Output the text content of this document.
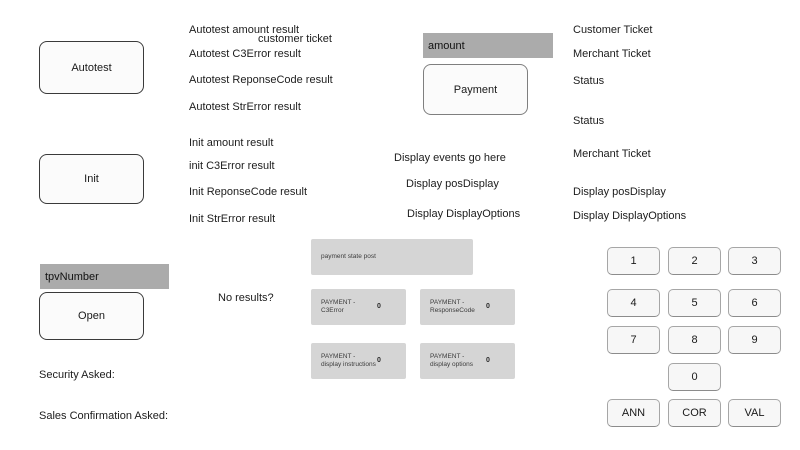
Autotest
Init
tpvNumber
Open
Security Asked:
Sales Confirmation Asked:
Autotest amount result
customer ticket
Autotest C3Error result
Autotest ReponseCode result
Autotest StrError result
Init amount result
init C3Error result
Init ReponseCode result
Init StrError result
No results?
amount
Payment
Display events go here
Display posDisplay
Display DisplayOptions
payment state post
PAYMENT - C3Error
0
PAYMENT - ResponseCode
0
PAYMENT - display instructions
0
PAYMENT - display options
0
Customer Ticket
Merchant Ticket
Status
Status
Merchant Ticket
Display posDisplay
Display DisplayOptions
1	2	3
4	5	6
7	8	9
0
ANN	COR	VAL
